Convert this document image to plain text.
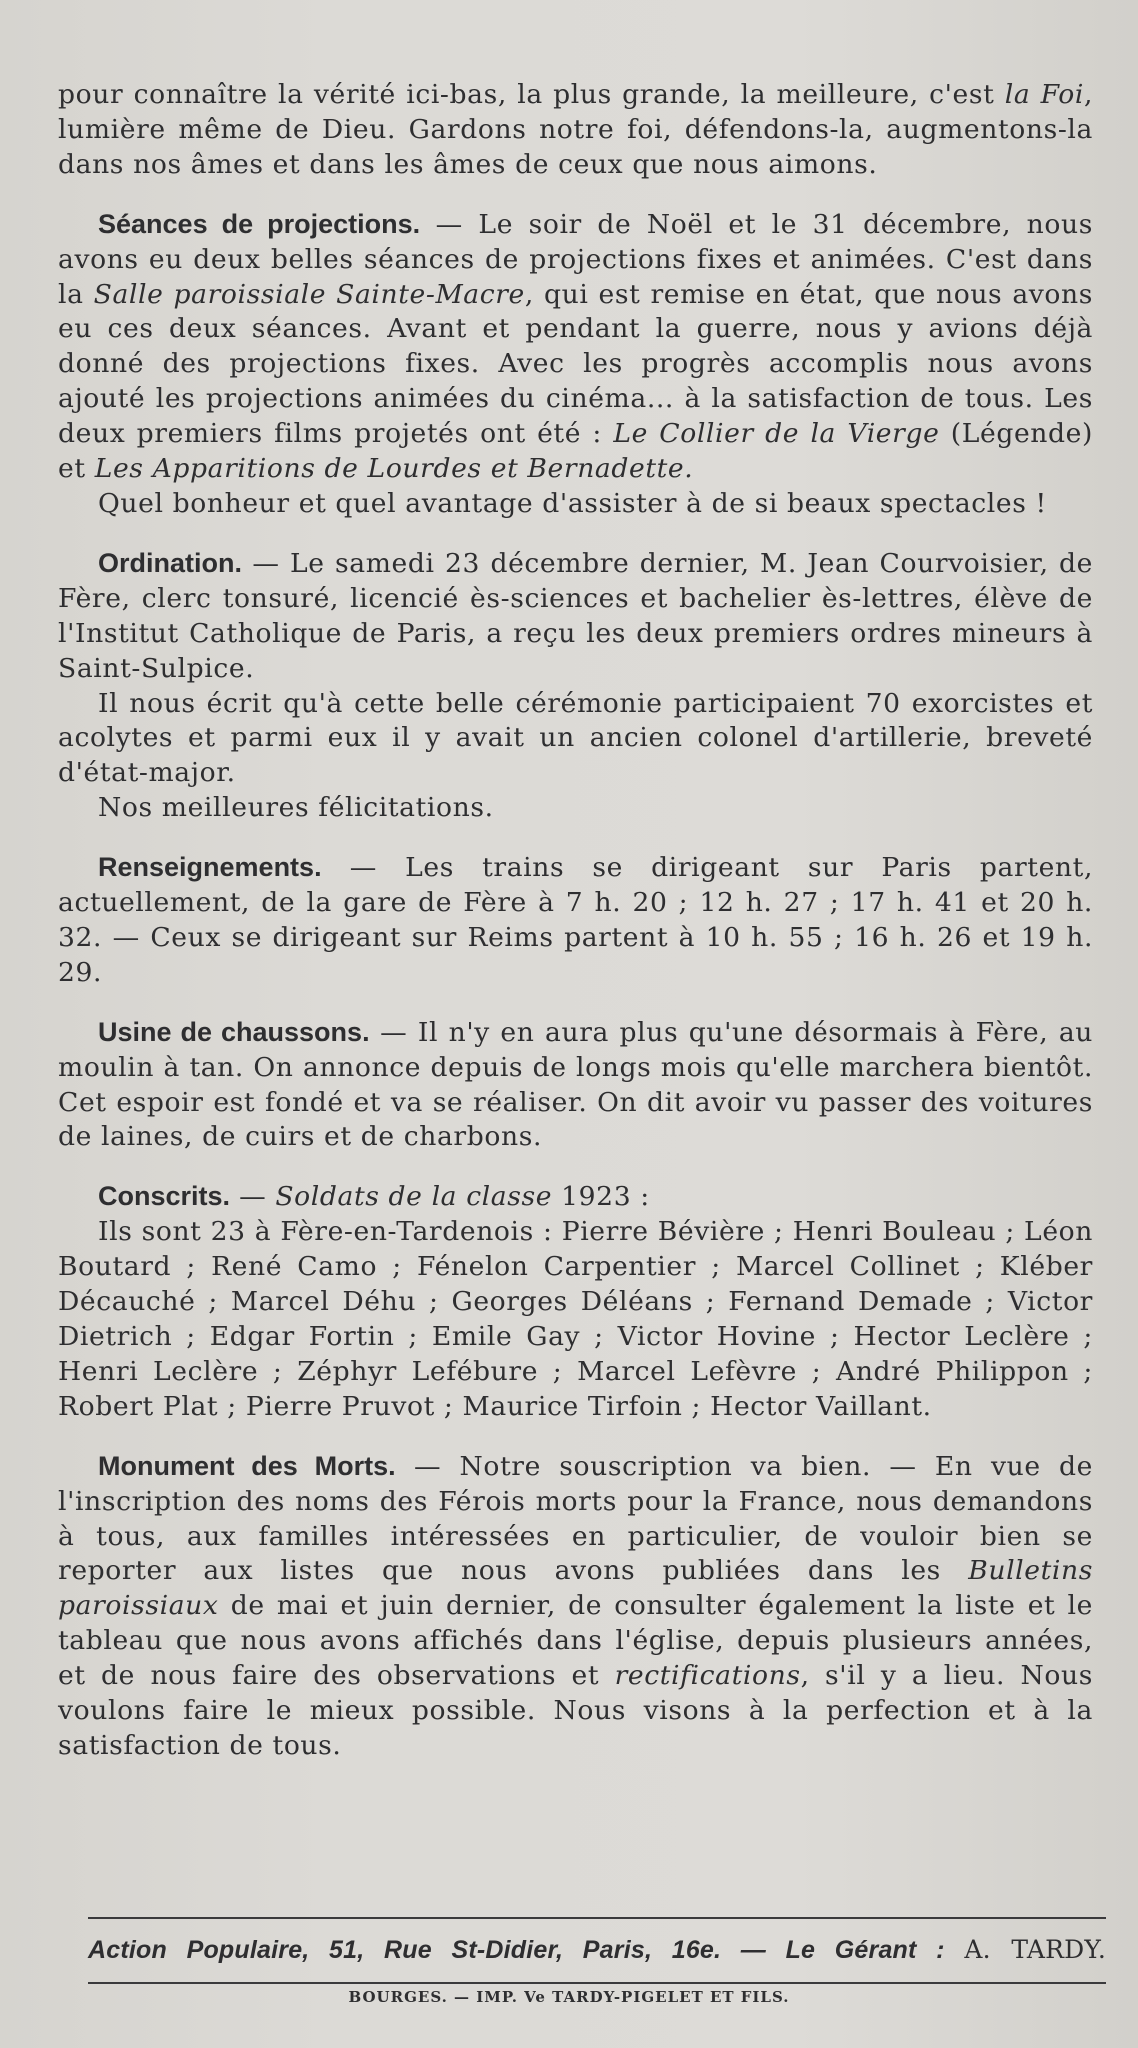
pour connaître la vérité ici-bas, la plus grande, la meilleure, c'est la Foi, lumière même de Dieu. Gardons notre foi, défendons-la, augmentons-la dans nos âmes et dans les âmes de ceux que nous aimons.

Séances de projections. — Le soir de Noël et le 31 décembre, nous avons eu deux belles séances de projections fixes et animées. C'est dans la Salle paroissiale Sainte-Macre, qui est remise en état, que nous avons eu ces deux séances. Avant et pendant la guerre, nous y avions déjà donné des projections fixes. Avec les progrès accomplis nous avons ajouté les projections animées du cinéma... à la satisfaction de tous. Les deux premiers films projetés ont été : Le Collier de la Vierge (Légende) et Les Apparitions de Lourdes et Bernadette.

Quel bonheur et quel avantage d'assister à de si beaux spectacles !

Ordination. — Le samedi 23 décembre dernier, M. Jean Courvoisier, de Fère, clerc tonsuré, licencié ès-sciences et bachelier ès-lettres, élève de l'Institut Catholique de Paris, a reçu les deux premiers ordres mineurs à Saint-Sulpice.

Il nous écrit qu'à cette belle cérémonie participaient 70 exorcistes et acolytes et parmi eux il y avait un ancien colonel d'artillerie, breveté d'état-major.

Nos meilleures félicitations.

Renseignements. — Les trains se dirigeant sur Paris partent, actuellement, de la gare de Fère à 7 h. 20 ; 12 h. 27 ; 17 h. 41 et 20 h. 32. — Ceux se dirigeant sur Reims partent à 10 h. 55 ; 16 h. 26 et 19 h. 29.

Usine de chaussons. — Il n'y en aura plus qu'une désormais à Fère, au moulin à tan. On annonce depuis de longs mois qu'elle marchera bientôt. Cet espoir est fondé et va se réaliser. On dit avoir vu passer des voitures de laines, de cuirs et de charbons.

Conscrits. — Soldats de la classe 1923 :

Ils sont 23 à Fère-en-Tardenois : Pierre Bévière ; Henri Bouleau ; Léon Boutard ; René Camo ; Fénelon Carpentier ; Marcel Collinet ; Kléber Décauché ; Marcel Déhu ; Georges Déléans ; Fernand Demade ; Victor Dietrich ; Edgar Fortin ; Emile Gay ; Victor Hovine ; Hector Leclère ; Henri Leclère ; Zéphyr Lefébure ; Marcel Lefèvre ; André Philippon ; Robert Plat ; Pierre Pruvot ; Maurice Tirfoin ; Hector Vaillant.

Monument des Morts. — Notre souscription va bien. — En vue de l'inscription des noms des Férois morts pour la France, nous demandons à tous, aux familles intéressées en particulier, de vouloir bien se reporter aux listes que nous avons publiées dans les Bulletins paroissiaux de mai et juin dernier, de consulter également la liste et le tableau que nous avons affichés dans l'église, depuis plusieurs années, et de nous faire des observations et rectifications, s'il y a lieu. Nous voulons faire le mieux possible. Nous visons à la perfection et à la satisfaction de tous.

Action Populaire, 51, Rue St-Didier, Paris, 16e. — Le Gérant : A. TARDY.
BOURGES. — IMP. Ve TARDY-PIGELET ET FILS.
